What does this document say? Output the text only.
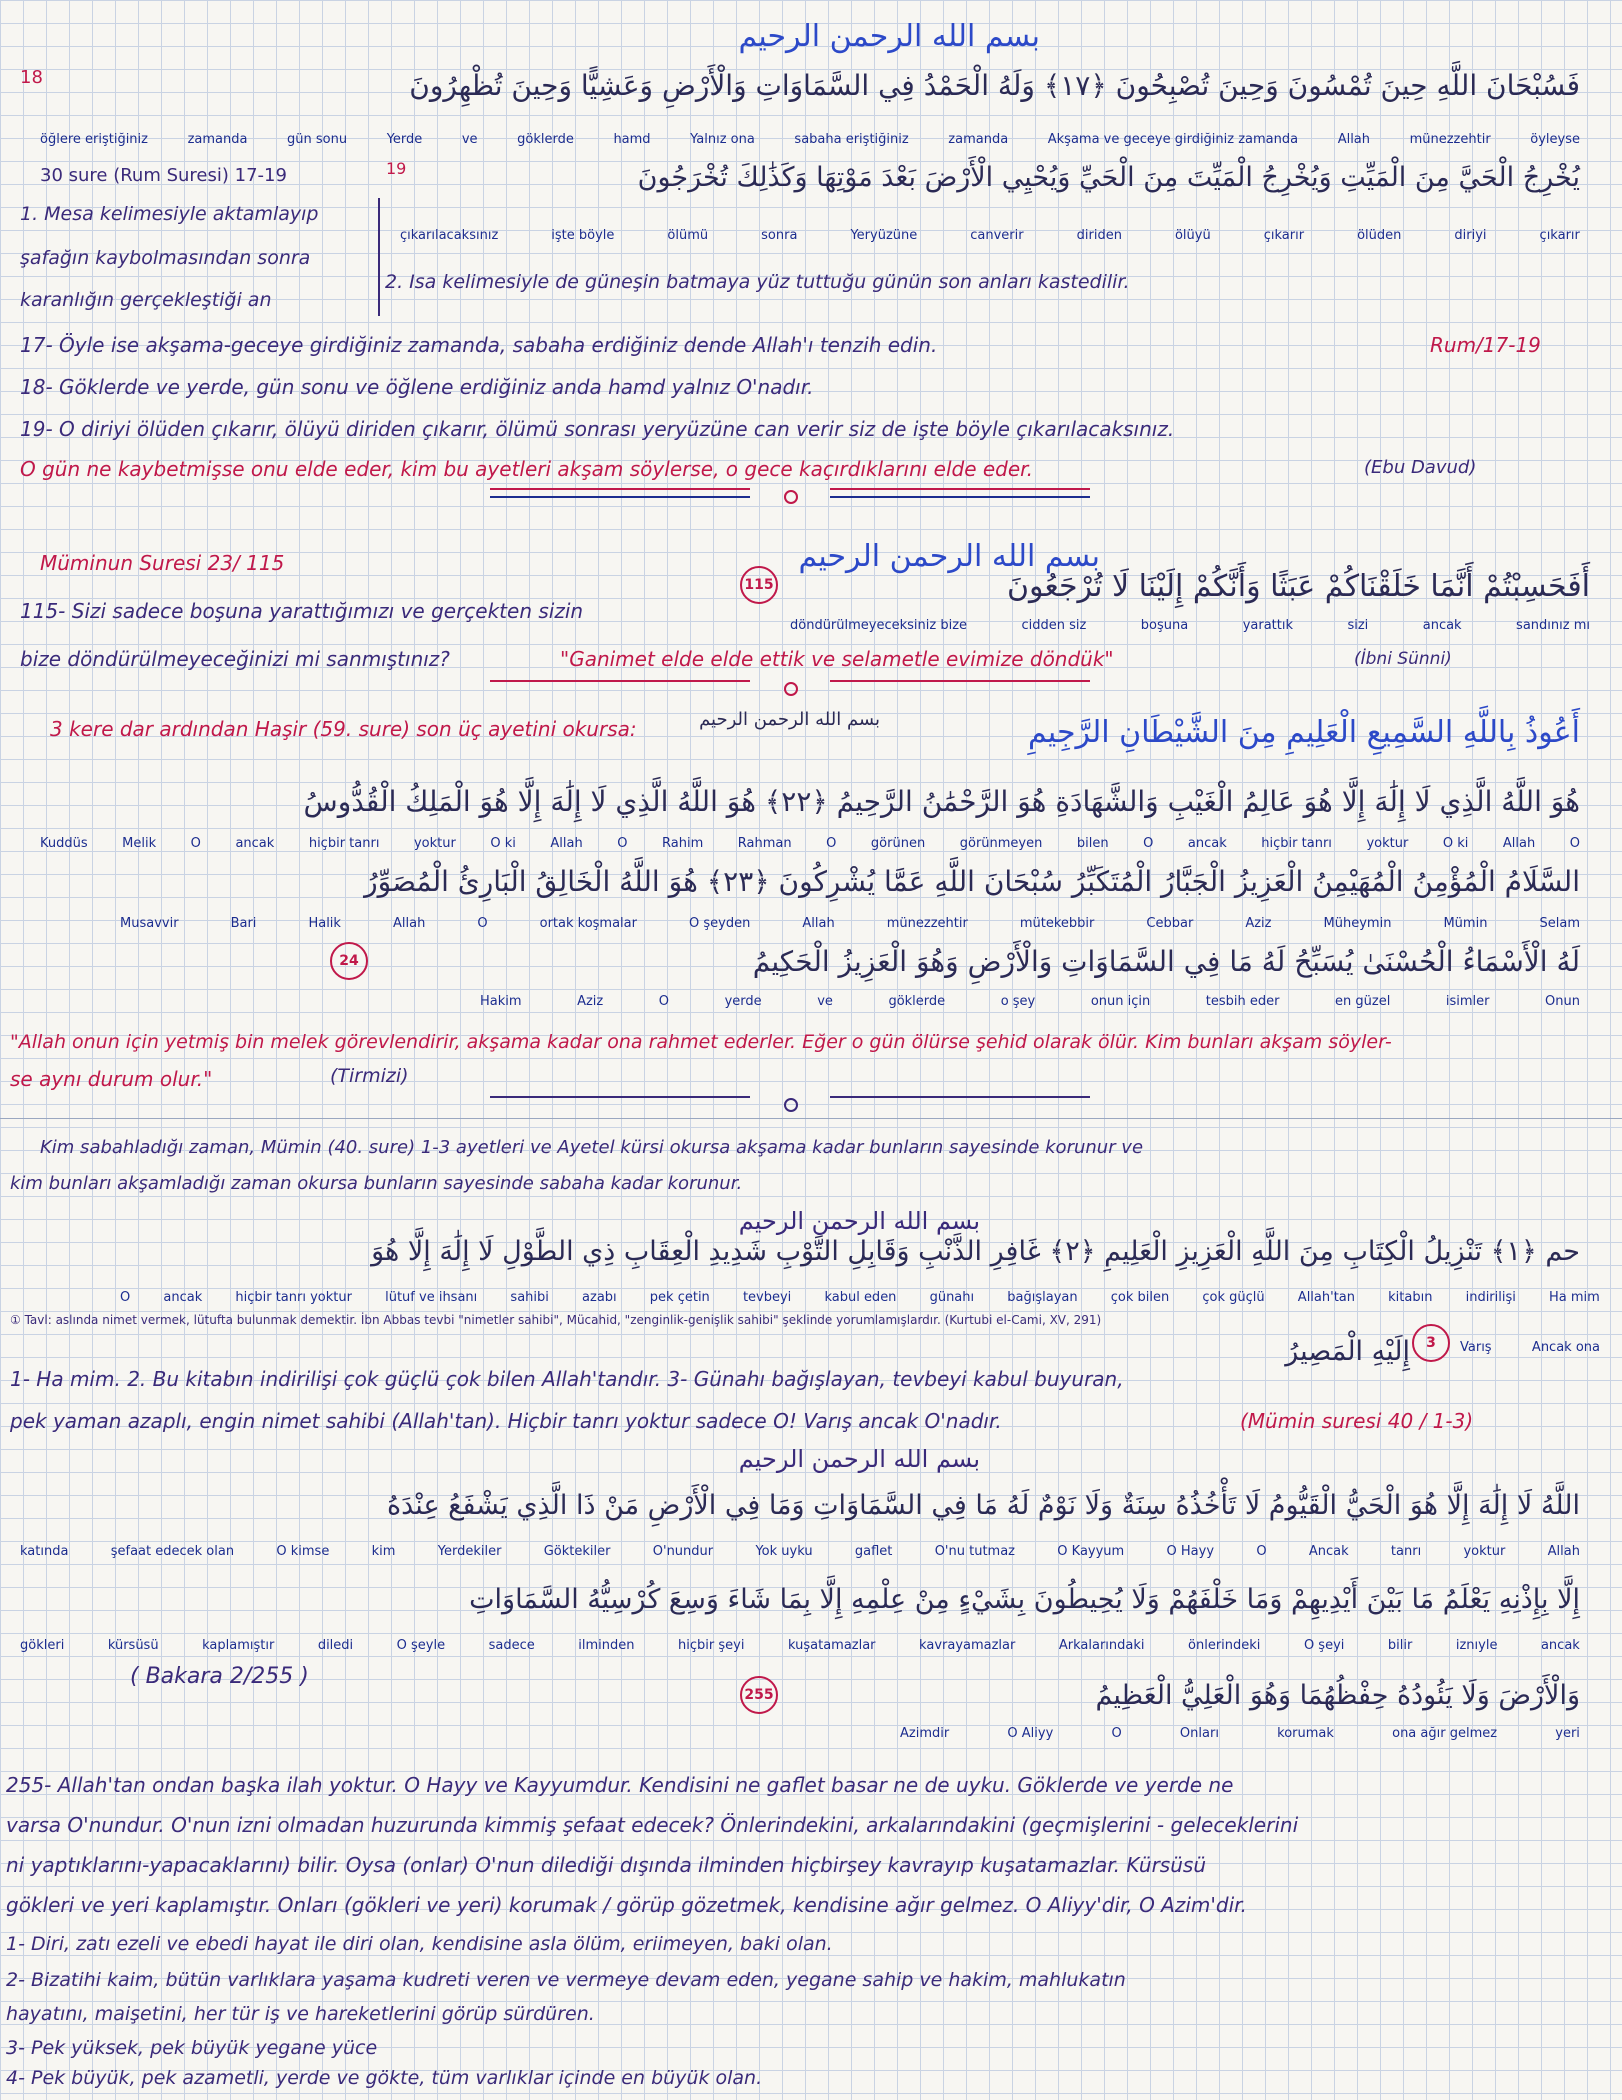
بسم الله الرحمن الرحيم
18	فَسُبْحَانَ اللَّهِ حِينَ تُمْسُونَ وَحِينَ تُصْبِحُونَ ﴿١٧﴾ وَلَهُ الْحَمْدُ فِي السَّمَاوَاتِ وَالْأَرْضِ وَعَشِيًّا وَحِينَ تُظْهِرُونَ
öğlere eriştiğiniz	zamanda	gün sonu	Yerde	ve	göklerde	hamd	Yalnız ona	sabaha eriştiğiniz	zamanda	Akşama ve geceye girdiğiniz zamanda	Allah	münezzehtir	öyleyse
30 sure (Rum Suresi) 17-19	19	يُخْرِجُ الْحَيَّ مِنَ الْمَيِّتِ وَيُخْرِجُ الْمَيِّتَ مِنَ الْحَيِّ وَيُحْيِي الْأَرْضَ بَعْدَ مَوْتِهَا وَكَذَٰلِكَ تُخْرَجُونَ
çıkarılacaksınız	işte böyle	ölümü	sonra	Yeryüzüne	canverir	diriden	ölüyü	çıkarır	ölüden	diriyi	çıkarır
1. Mesa kelimesiyle aktamlayıp
şafağın kaybolmasından sonra
2. Isa kelimesiyle de güneşin batmaya yüz tuttuğu günün son anları kastedilir.
karanlığın gerçekleştiği an
17- Öyle ise akşama-geceye girdiğiniz zamanda, sabaha erdiğiniz dende Allah'ı tenzih edin.	Rum/17-19
18- Göklerde ve yerde, gün sonu ve öğlene erdiğiniz anda hamd yalnız O'nadır.
19- O diriyi ölüden çıkarır, ölüyü diriden çıkarır, ölümü sonrası yeryüzüne can verir siz de işte böyle çıkarılacaksınız.
O gün ne kaybetmişse onu elde eder, kim bu ayetleri akşam söylerse, o gece kaçırdıklarını elde eder.	(Ebu Davud)
بسم الله الرحمن الرحيم
Müminun Suresi 23/ 115
115	أَفَحَسِبْتُمْ أَنَّمَا خَلَقْنَاكُمْ عَبَثًا وَأَنَّكُمْ إِلَيْنَا لَا تُرْجَعُونَ
döndürülmeyeceksiniz bize	cidden siz	boşuna	yarattık	sizi	ancak	sandınız mı
115- Sizi sadece boşuna yarattığımızı ve gerçekten sizin
bize döndürülmeyeceğinizi mi sanmıştınız?	"Ganimet elde elde ettik ve selametle evimize döndük"	(İbni Sünni)
3 kere dar ardından Haşir (59. sure) son üç ayetini okursa:	بسم الله الرحمن الرحيم	أَعُوذُ بِاللَّهِ السَّمِيعِ الْعَلِيمِ مِنَ الشَّيْطَانِ الرَّجِيمِ
هُوَ اللَّهُ الَّذِي لَا إِلَٰهَ إِلَّا هُوَ عَالِمُ الْغَيْبِ وَالشَّهَادَةِ هُوَ الرَّحْمَٰنُ الرَّحِيمُ ﴿٢٢﴾ هُوَ اللَّهُ الَّذِي لَا إِلَٰهَ إِلَّا هُوَ الْمَلِكُ الْقُدُّوسُ
Kuddüs	Melik	O	ancak	hiçbir tanrı	yoktur	O ki	Allah	O	Rahim	Rahman	O	görünen	görünmeyen	bilen	O	ancak	hiçbir tanrı	yoktur	O ki	Allah	O
السَّلَامُ الْمُؤْمِنُ الْمُهَيْمِنُ الْعَزِيزُ الْجَبَّارُ الْمُتَكَبِّرُ سُبْحَانَ اللَّهِ عَمَّا يُشْرِكُونَ ﴿٢٣﴾ هُوَ اللَّهُ الْخَالِقُ الْبَارِئُ الْمُصَوِّرُ
Musavvir	Bari	Halik	Allah	O	ortak koşmalar	O şeyden	Allah	münezzehtir	mütekebbir	Cebbar	Aziz	Müheymin	Mümin	Selam
24	لَهُ الْأَسْمَاءُ الْحُسْنَىٰ يُسَبِّحُ لَهُ مَا فِي السَّمَاوَاتِ وَالْأَرْضِ وَهُوَ الْعَزِيزُ الْحَكِيمُ
Hakim	Aziz	O	yerde	ve	göklerde	o şey	onun için	tesbih eder	en güzel	isimler	Onun
"Allah onun için yetmiş bin melek görevlendirir, akşama kadar ona rahmet ederler. Eğer o gün ölürse şehid olarak ölür. Kim bunları akşam söyler-
se aynı durum olur."	(Tirmizi)
Kim sabahladığı zaman, Mümin (40. sure) 1-3 ayetleri ve Ayetel kürsi okursa akşama kadar bunların sayesinde korunur ve
kim bunları akşamladığı zaman okursa bunların sayesinde sabaha kadar korunur.
بسم الله الرحمن الرحيم
حم ﴿١﴾ تَنْزِيلُ الْكِتَابِ مِنَ اللَّهِ الْعَزِيزِ الْعَلِيمِ ﴿٢﴾ غَافِرِ الذَّنْبِ وَقَابِلِ التَّوْبِ شَدِيدِ الْعِقَابِ ذِي الطَّوْلِ لَا إِلَٰهَ إِلَّا هُوَ
O	ancak	hiçbir tanrı yoktur	lütuf ve ihsanı	sahibi	azabı	pek çetin	tevbeyi	kabul eden	günahı	bağışlayan	çok bilen	çok güçlü	Allah'tan	kitabın	indirilişi	Ha mim
3
إِلَيْهِ الْمَصِيرُ	Varış	Ancak ona
① Tavl: aslında nimet vermek, lütufta bulunmak demektir. İbn Abbas tevbi "nimetler sahibi", Mücahid, "zenginlik-genişlik sahibi" şeklinde yorumlamışlardır. (Kurtubi el-Cami, XV, 291)
1- Ha mim. 2. Bu kitabın indirilişi çok güçlü çok bilen Allah'tandır. 3- Günahı bağışlayan, tevbeyi kabul buyuran,
pek yaman azaplı, engin nimet sahibi (Allah'tan). Hiçbir tanrı yoktur sadece O! Varış ancak O'nadır.	(Mümin suresi 40 / 1-3)
بسم الله الرحمن الرحيم
اللَّهُ لَا إِلَٰهَ إِلَّا هُوَ الْحَيُّ الْقَيُّومُ لَا تَأْخُذُهُ سِنَةٌ وَلَا نَوْمٌ لَهُ مَا فِي السَّمَاوَاتِ وَمَا فِي الْأَرْضِ مَنْ ذَا الَّذِي يَشْفَعُ عِنْدَهُ
katında	şefaat edecek olan	O kimse	kim	Yerdekiler	Göktekiler	O'nundur	Yok uyku	gaflet	O'nu tutmaz	O Kayyum	O Hayy	O	Ancak	tanrı	yoktur	Allah
إِلَّا بِإِذْنِهِ يَعْلَمُ مَا بَيْنَ أَيْدِيهِمْ وَمَا خَلْفَهُمْ وَلَا يُحِيطُونَ بِشَيْءٍ مِنْ عِلْمِهِ إِلَّا بِمَا شَاءَ وَسِعَ كُرْسِيُّهُ السَّمَاوَاتِ
gökleri	kürsüsü	kaplamıştır	diledi	O şeyle	sadece	ilminden	hiçbir şeyi	kuşatamazlar	kavrayamazlar	Arkalarındaki	önlerindeki	O şeyi	bilir	iznıyle	ancak
( Bakara 2/255 )
255	وَالْأَرْضَ وَلَا يَئُودُهُ حِفْظُهُمَا وَهُوَ الْعَلِيُّ الْعَظِيمُ
Azimdir	O Aliyy	O	Onları	korumak	ona ağır gelmez	yeri
255- Allah'tan ondan başka ilah yoktur. O Hayy ve Kayyumdur. Kendisini ne gaflet basar ne de uyku. Göklerde ve yerde ne
varsa O'nundur. O'nun izni olmadan huzurunda kimmiş şefaat edecek? Önlerindekini, arkalarındakini (geçmişlerini - geleceklerini
ni yaptıklarını-yapacaklarını) bilir. Oysa (onlar) O'nun dilediği dışında ilminden hiçbirşey kavrayıp kuşatamazlar. Kürsüsü
gökleri ve yeri kaplamıştır. Onları (gökleri ve yeri) korumak / görüp gözetmek, kendisine ağır gelmez. O Aliyy'dir, O Azim'dir.
1- Diri, zatı ezeli ve ebedi hayat ile diri olan, kendisine asla ölüm, eriimeyen, baki olan.
2- Bizatihi kaim, bütün varlıklara yaşama kudreti veren ve vermeye devam eden, yegane sahip ve hakim, mahlukatın
hayatını, maişetini, her tür iş ve hareketlerini görüp sürdüren.
3- Pek yüksek, pek büyük yegane yüce
4- Pek büyük, pek azametli, yerde ve gökte, tüm varlıklar içinde en büyük olan.
